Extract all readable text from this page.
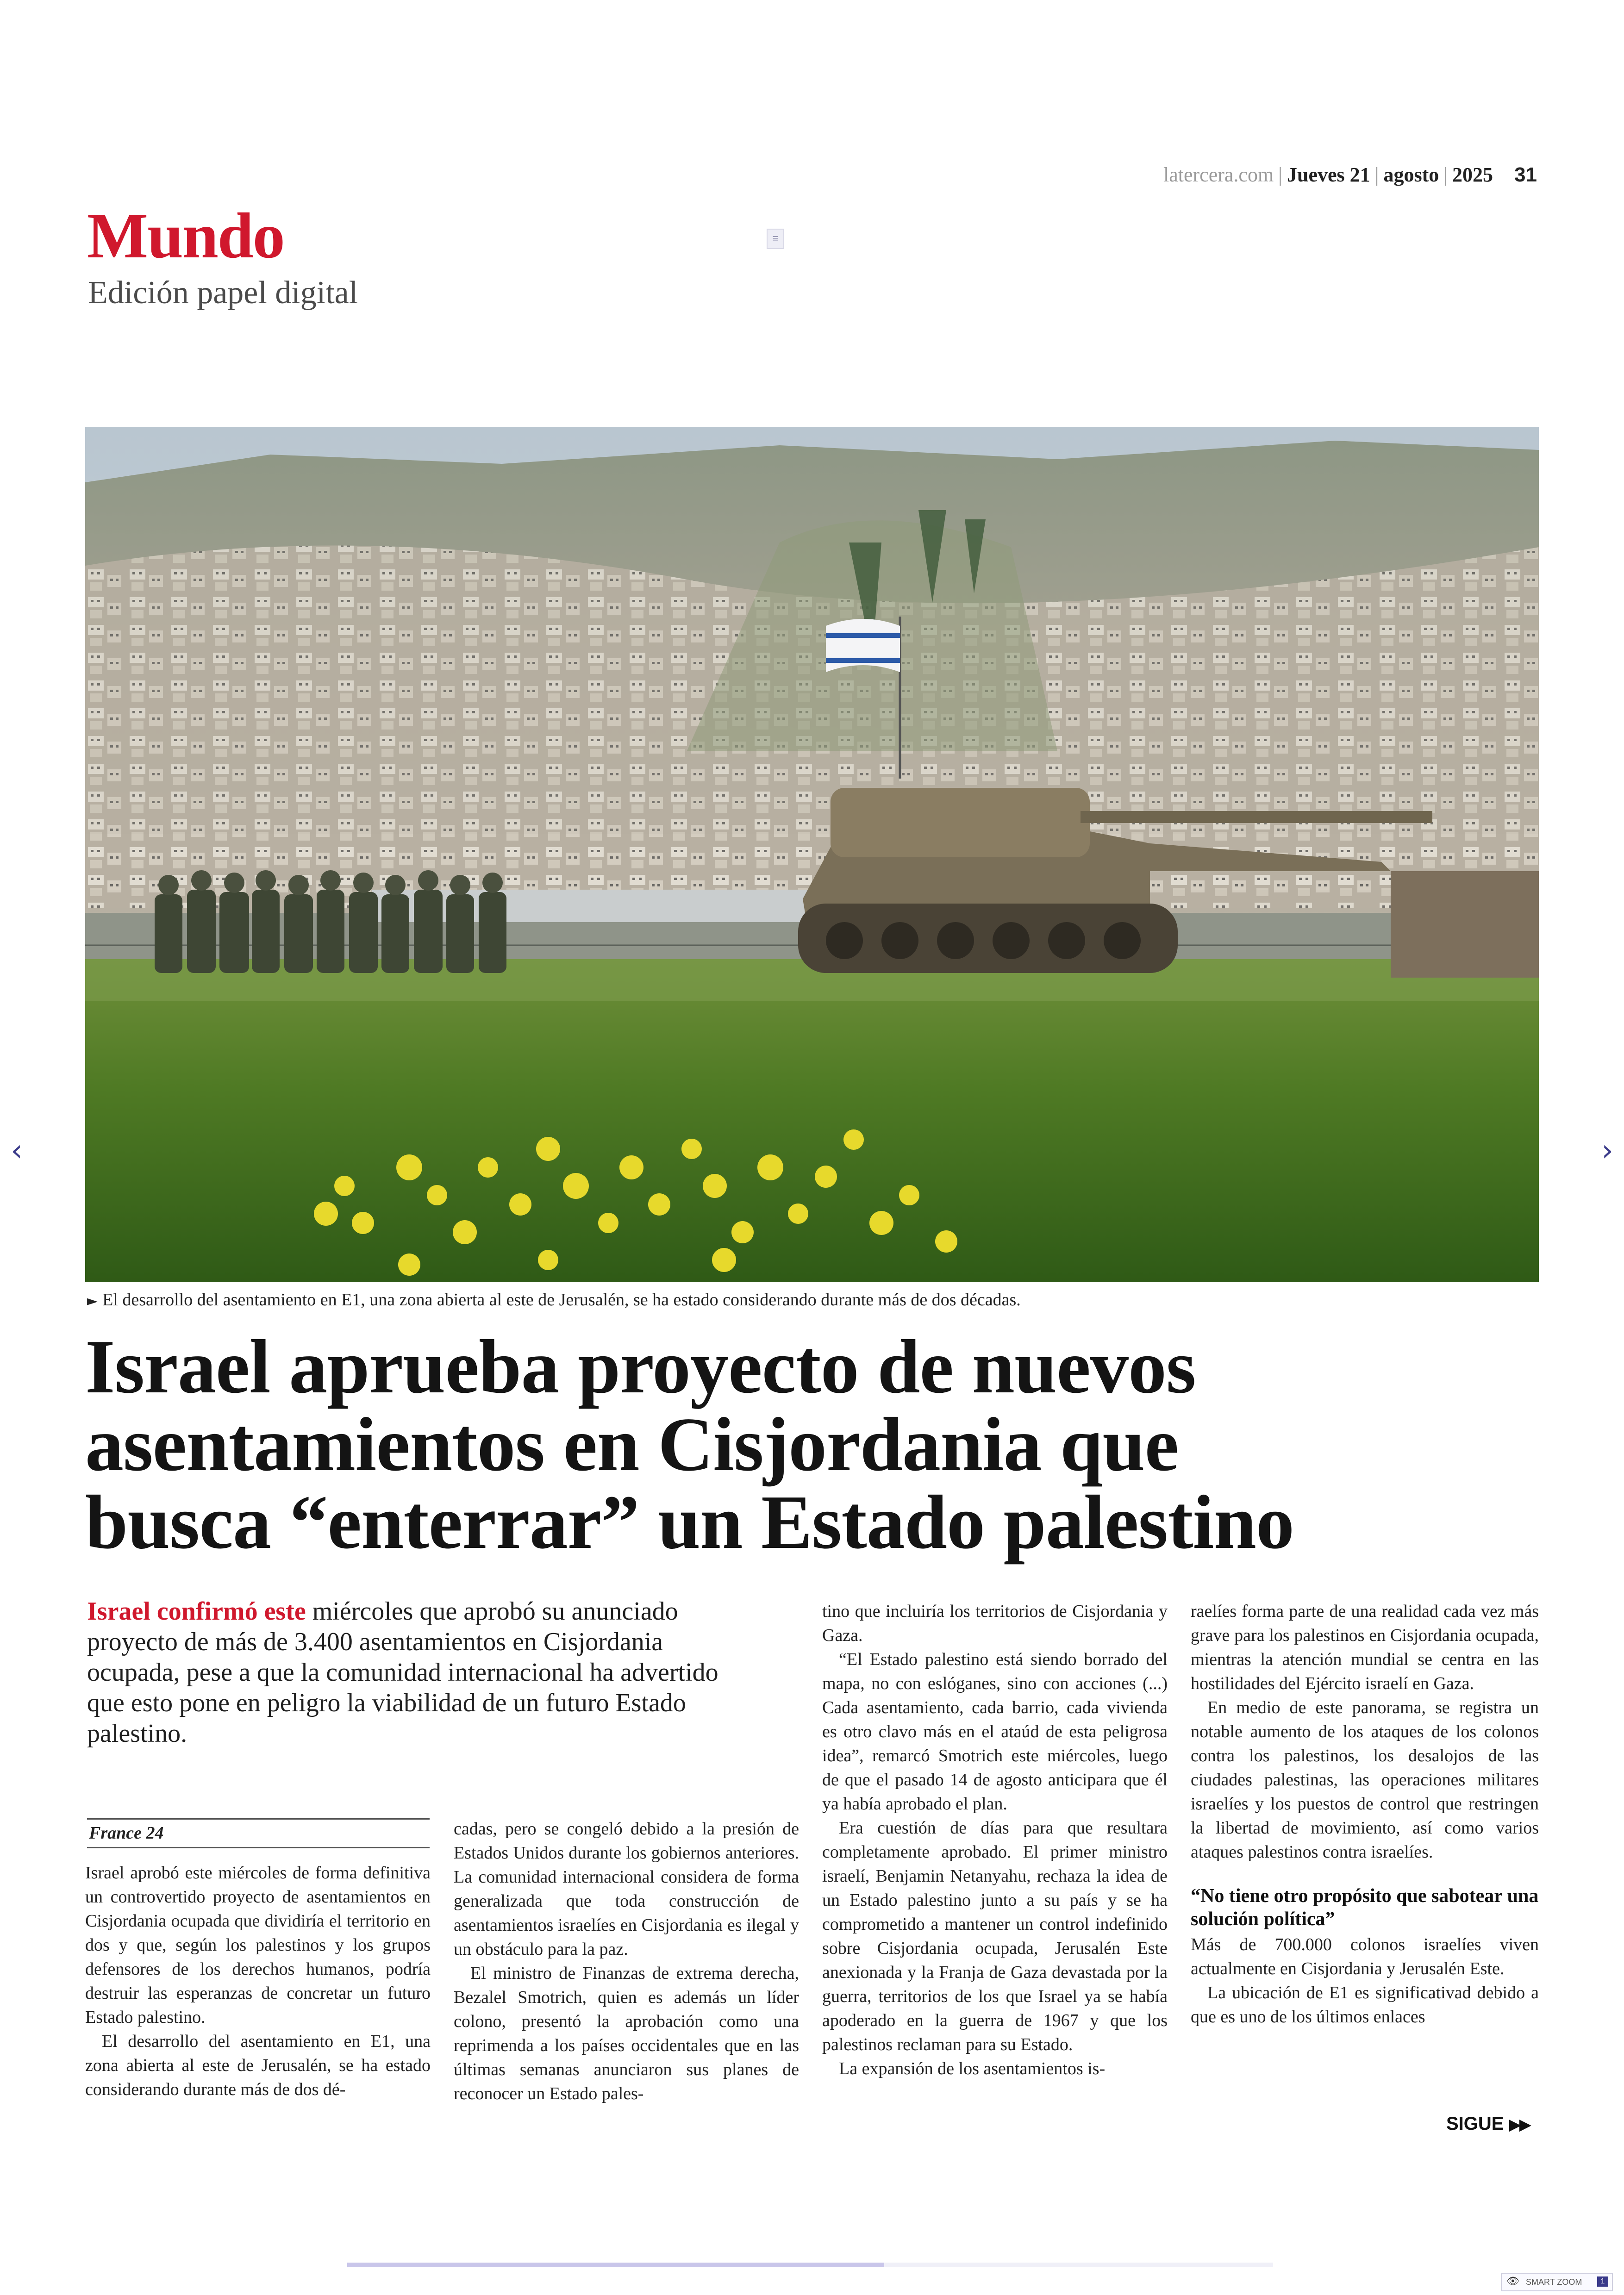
latercera.com | Jueves 21 | agosto | 2025 31
Mundo
Edición papel digital
≡
► El desarrollo del asentamiento en E1, una zona abierta al este de Jerusalén, se ha estado considerando durante más de dos décadas.
Israel aprueba proyecto de nuevos
asentamientos en Cisjordania que
busca “enterrar” un Estado palestino

Israel confirmó este miércoles que aprobó su anunciado proyecto de más de 3.400 asentamientos en Cisjordania ocupada, pese a que la comunidad internacional ha advertido que esto pone en peligro la viabilidad de un futuro Estado palestino.

France 24

Israel aprobó este miércoles de forma definitiva un controvertido proyecto de asentamientos en Cisjordania ocupada que dividiría el territorio en dos y que, según los palestinos y los grupos defensores de los derechos humanos, podría destruir las esperanzas de concretar un futuro Estado palestino.

El desarrollo del asentamiento en E1, una zona abierta al este de Jerusalén, se ha estado considerando durante más de dos dé-

cadas, pero se congeló debido a la presión de Estados Unidos durante los gobiernos anteriores. La comunidad internacional considera de forma generalizada que toda construcción de asentamientos israelíes en Cisjordania es ilegal y un obstáculo para la paz.

El ministro de Finanzas de extrema derecha, Bezalel Smotrich, quien es además un líder colono, presentó la aprobación como una reprimenda a los países occidentales que en las últimas semanas anunciaron sus planes de reconocer un Estado pales-

tino que incluiría los territorios de Cisjordania y Gaza.

“El Estado palestino está siendo borrado del mapa, no con eslóganes, sino con acciones (...) Cada asentamiento, cada barrio, cada vivienda es otro clavo más en el ataúd de esta peligrosa idea”, remarcó Smotrich este miércoles, luego de que el pasado 14 de agosto anticipara que él ya había aprobado el plan.

Era cuestión de días para que resultara completamente aprobado. El primer ministro israelí, Benjamin Netanyahu, rechaza la idea de un Estado palestino junto a su país y se ha comprometido a mantener un control indefinido sobre Cisjordania ocupada, Jerusalén Este anexionada y la Franja de Gaza devastada por la guerra, territorios de los que Israel ya se había apoderado en la guerra de 1967 y que los palestinos reclaman para su Estado.

La expansión de los asentamientos is-

raelíes forma parte de una realidad cada vez más grave para los palestinos en Cisjordania ocupada, mientras la atención mundial se centra en las hostilidades del Ejército israelí en Gaza.

En medio de este panorama, se registra un notable aumento de los ataques de los colonos contra los palestinos, los desalojos de las ciudades palestinas, las operaciones militares israelíes y los puestos de control que restringen la libertad de movimiento, así como varios ataques palestinos contra israelíes.

“No tiene otro propósito que sabotear una solución política”

Más de 700.000 colonos israelíes viven actualmente en Cisjordania y Jerusalén Este.

La ubicación de E1 es significativad debido a que es uno de los últimos enlaces

SIGUE ▶▶
‹	›
👁 SMART ZOOM	1
